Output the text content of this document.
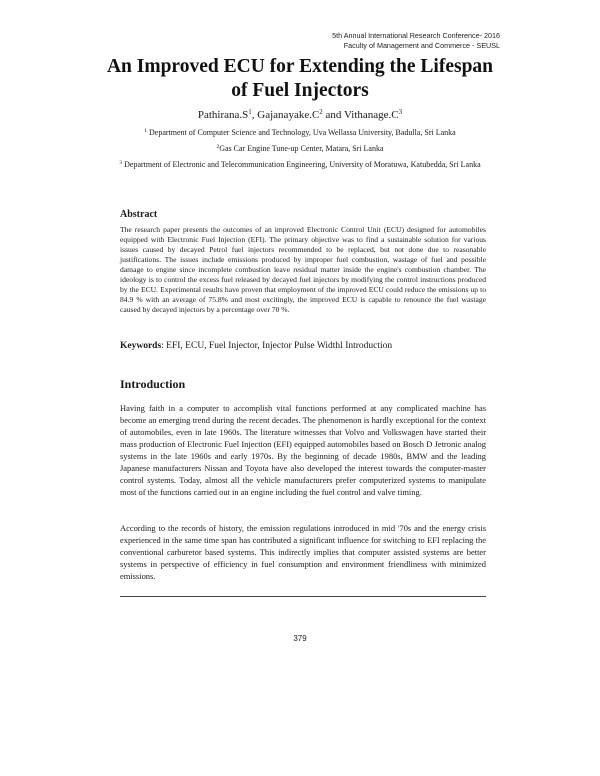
5th Annual International Research Conference- 2016
Faculty of Management and Commerce - SEUSL
An Improved ECU for Extending the Lifespan of Fuel Injectors
$Pathirana.S^1$, $Gajanayake.C^2$ and $Vithanage.C^3$

$^1$ Department of Computer Science and Technology, Uva Wellassa University, Badulla, Sri Lanka

$^2$Gas Car Engine Tune-up Center, Matara, Sri Lanka

$^3$ Department of Electronic and Telecommunication Engineering, University of Moratuwa, Katubedda, Sri Lanka

Abstract

The research paper presents the outcomes of an improved Electronic Control Unit (ECU) designed for automobiles equipped with Electronic Fuel Injection (EFI). The primary objective was to find a sustainable solution for various issues caused by decayed Petrol fuel injectors recommended to be replaced, but not done due to reasonable justifications. The issues include emissions produced by improper fuel combustion, wastage of fuel and possible damage to engine since incomplete combustion leave residual matter inside the engine's combustion chamber. The ideology is to control the excess fuel released by decayed fuel injectors by modifying the control instructions produced by the ECU. Experimental results have proven that employment of the improved ECU could reduce the emissions up to 84.9 % with an average of 75.8% and most excitingly, the improved ECU is capable to renounce the fuel wastage caused by decayed injectors by a percentage over 70 %.

Keywords: EFI, ECU, Fuel Injector, Injector Pulse Widthl Introduction

Introduction

Having faith in a computer to accomplish vital functions performed at any complicated machine has become an emerging trend during the recent decades. The phenomenon is hardly exceptional for the context of automobiles, even in late 1960s. The literature witnesses that Volvo and Volkswagen have started their mass production of Electronic Fuel Injection (EFI) equipped automobiles based on Bosch D Jetronic analog systems in the late 1960s and early 1970s. By the beginning of decade 1980s, BMW and the leading Japanese manufacturers Nissan and Toyota have also developed the interest towards the computer-master control systems. Today, almost all the vehicle manufacturers prefer computerized systems to manipulate most of the functions carried out in an engine including the fuel control and valve timing.

According to the records of history, the emission regulations introduced in mid '70s and the energy crisis experienced in the same time span has contributed a significant influence for switching to EFI replacing the conventional carburetor based systems. This indirectly implies that computer assisted systems are better systems in perspective of efficiency in fuel consumption and environment friendliness with minimized emissions.

379
